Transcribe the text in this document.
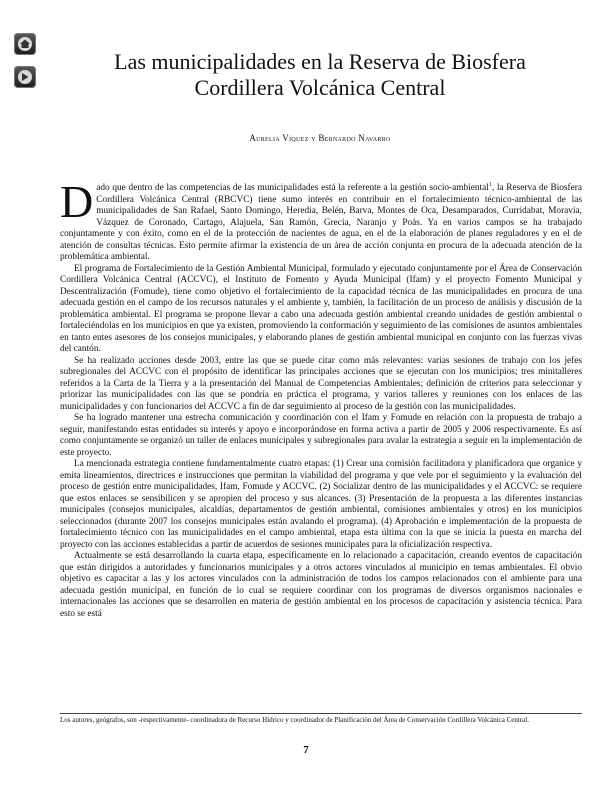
Las municipalidades en la Reserva de Biosfera
Cordillera Volcánica Central
Aurelia Víquez y Bernardo Navarro

Dado que dentro de las competencias de las municipalidades está la referente a la gestión socio-ambiental$^1$, la Reserva de Biosfera Cordillera Volcánica Central (RBCVC) tiene sumo interés en contribuir en el fortalecimiento técnico-ambiental de las municipalidades de San Rafael, Santo Domingo, Heredia, Belén, Barva, Montes de Oca, Desamparados, Curridabat, Moravia, Vázquez de Coronado, Cartago, Alajuela, San Ramón, Grecia, Naranjo y Poás. Ya en varios campos se ha trabajado conjuntamente y con éxito, como en el de la protección de nacientes de agua, en el de la elaboración de planes reguladores y en el de atención de consultas técnicas. Esto permite afirmar la existencia de un área de acción conjunta en procura de la adecuada atención de la problemática ambiental.

El programa de Fortalecimiento de la Gestión Ambiental Municipal, formulado y ejecutado conjuntamente por el Área de Conservación Cordillera Volcánica Central (ACCVC), el Instituto de Fomento y Ayuda Municipal (Ifam) y el proyecto Fomento Municipal y Descentralización (Fomude), tiene como objetivo el fortalecimiento de la capacidad técnica de las municipalidades en procura de una adecuada gestión en el campo de los recursos naturales y el ambiente y, también, la facilitación de un proceso de análisis y discusión de la problemática ambiental. El programa se propone llevar a cabo una adecuada gestión ambiental creando unidades de gestión ambiental o fortaleciéndolas en los municipios en que ya existen, promoviendo la conformación y seguimiento de las comisiones de asuntos ambientales en tanto entes asesores de los consejos municipales, y elaborando planes de gestión ambiental municipal en conjunto con las fuerzas vivas del cantón.

Se ha realizado acciones desde 2003, entre las que se puede citar como más relevantes: varias sesiones de trabajo con los jefes subregionales del ACCVC con el propósito de identificar las principales acciones que se ejecutan con los municipios; tres minitalleres referidos a la Carta de la Tierra y a la presentación del Manual de Competencias Ambientales; definición de criterios para seleccionar y priorizar las municipalidades con las que se pondría en práctica el programa, y varios talleres y reuniones con los enlaces de las municipalidades y con funcionarios del ACCVC a fin de dar seguimiento al proceso de la gestión con las municipalidades.

Se ha logrado mantener una estrecha comunicación y coordinación con el Ifam y Fomude en relación con la propuesta de trabajo a seguir, manifestando estas entidades su interés y apoyo e incorporándose en forma activa a partir de 2005 y 2006 respectivamente. Es así como conjuntamente se organizó un taller de enlaces municipales y subregionales para avalar la estrategia a seguir en la implementación de este proyecto.

La mencionada estrategia contiene fundamentalmente cuatro etapas: (1) Crear una comisión facilitadora y planificadora que organice y emita lineamientos, directrices e instrucciones que permitan la viabilidad del programa y que vele por el seguimiento y la evaluación del proceso de gestión entre municipalidades, Ifam, Fomude y ACCVC. (2) Socializar dentro de las municipalidades y el ACCVC: se requiere que estos enlaces se sensibilicen y se apropien del proceso y sus alcances. (3) Presentación de la propuesta a las diferentes instancias municipales (consejos municipales, alcaldías, departamentos de gestión ambiental, comisiones ambientales y otros) en los municipios seleccionados (durante 2007 los consejos municipales están avalando el programa). (4) Aprobación e implementación de la propuesta de fortalecimiento técnico con las municipalidades en el campo ambiental, etapa esta última con la que se inicia la puesta en marcha del proyecto con las acciones establecidas a partir de acuerdos de sesiones municipales para la oficialización respectiva.

Actualmente se está desarrollando la cuarta etapa, específicamente en lo relacionado a capacitación, creando eventos de capacitación que están dirigidos a autoridades y funcionarios municipales y a otros actores vinculados al municipio en temas ambientales. El obvio objetivo es capacitar a las y los actores vinculados con la administración de todos los campos relacionados con el ambiente para una adecuada gestión municipal, en función de lo cual se requiere coordinar con los programas de diversos organismos nacionales e internacionales las acciones que se desarrollen en materia de gestión ambiental en los procesos de capacitación y asistencia técnica. Para esto se está

Los autores, geógrafos, son -respectivamente- coordinadora de Recurso Hídrico y coordinador de Planificación del Área de Conservación Cordillera Volcánica Central.
7
